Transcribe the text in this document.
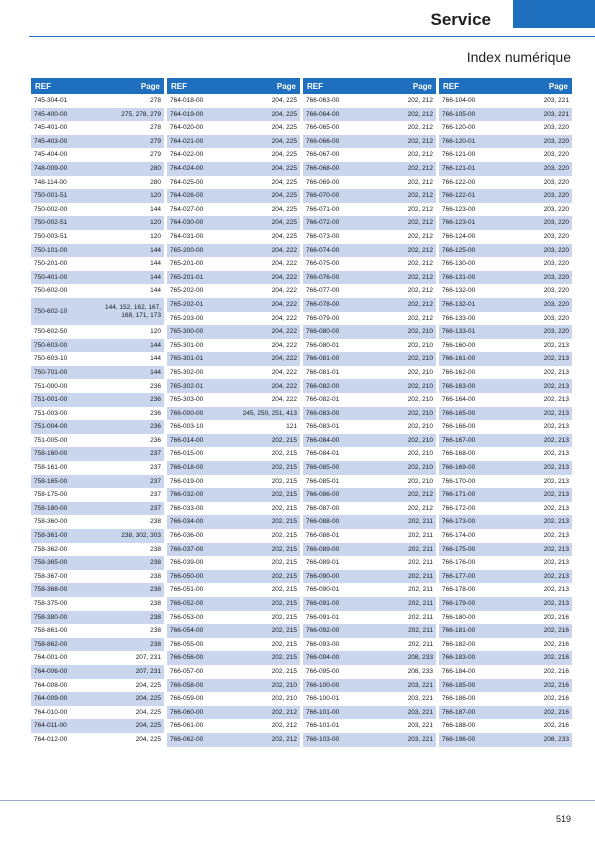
Service
Index numérique
REF	Page
745-304-01	278
745-400-00	275, 278, 279
745-401-00	278
745-403-00	279
745-404-00	279
748-009-00	280
748-114-00	280
750-001-51	120
750-002-00	144
750-002-51	120
750-003-51	120
750-101-00	144
750-201-00	144
750-401-00	144
750-602-00	144
750-602-10	144, 152, 162, 167, 168, 171, 173
750-602-50	120
750-603-00	144
750-603-10	144
750-701-00	144
751-000-00	236
751-001-00	236
751-003-00	236
751-004-00	236
751-005-00	236
758-160-00	237
758-161-00	237
758-165-00	237
758-175-00	237
758-180-00	237
758-360-00	238
758-361-00	238, 302, 303
758-362-00	238
758-365-00	238
758-367-00	238
758-368-00	238
758-375-00	238
758-380-00	238
758-861-00	238
758-862-00	238
764-001-00	207, 231
764-006-00	207, 231
764-008-00	204, 225
764-009-00	204, 225
764-010-00	204, 225
764-011-00	204, 225
764-012-00	204, 225
REF	Page
764-018-00	204, 225
764-019-00	204, 225
764-020-00	204, 225
764-021-00	204, 225
764-022-00	204, 225
764-024-00	204, 225
764-025-00	204, 225
764-026-00	204, 225
764-027-00	204, 225
764-030-00	204, 225
764-031-00	204, 225
765-200-00	204, 222
765-201-00	204, 222
765-201-01	204, 222
765-202-00	204, 222
765-202-01	204, 222
765-203-00	204, 222
765-300-00	204, 222
765-301-00	204, 222
765-301-01	204, 222
765-302-00	204, 222
765-302-01	204, 222
765-303-00	204, 222
766-000-00	245, 250, 251, 413
766-003-10	121
766-014-00	202, 215
766-015-00	202, 215
766-018-00	202, 215
766-019-00	202, 215
766-032-00	202, 215
766-033-00	202, 215
766-034-00	202, 215
766-036-00	202, 215
766-037-00	202, 215
766-039-00	202, 215
766-050-00	202, 215
766-051-00	202, 215
766-052-00	202, 215
766-053-00	202, 215
766-054-00	202, 215
766-055-00	202, 215
766-056-00	202, 215
766-057-00	202, 215
766-058-00	202, 210
766-059-00	202, 210
766-060-00	202, 212
766-061-00	202, 212
766-062-00	202, 212
REF	Page
766-063-00	202, 212
766-064-00	202, 212
766-065-00	202, 212
766-066-00	202, 212
766-067-00	202, 212
766-068-00	202, 212
766-069-00	202, 212
766-070-00	202, 212
766-071-00	202, 212
766-072-00	202, 212
766-073-00	202, 212
766-074-00	202, 212
766-075-00	202, 212
766-076-00	202, 212
766-077-00	202, 212
766-078-00	202, 212
766-079-00	202, 212
766-080-00	202, 210
766-080-01	202, 210
766-081-00	202, 210
766-081-01	202, 210
766-082-00	202, 210
766-082-01	202, 210
766-083-00	202, 210
766-083-01	202, 210
766-084-00	202, 210
766-084-01	202, 210
766-085-00	202, 210
766-085-01	202, 210
766-086-00	202, 212
766-087-00	202, 212
766-088-00	202, 211
766-088-01	202, 211
766-089-00	202, 211
766-089-01	202, 211
766-090-00	202, 211
766-090-01	202, 211
766-091-00	202, 211
766-091-01	202, 211
766-092-00	202, 211
766-093-00	202, 211
766-094-00	208, 233
766-095-00	208, 233
766-100-00	203, 221
766-100-01	203, 221
766-101-00	203, 221
766-101-01	203, 221
766-103-00	203, 221
REF	Page
766-104-00	203, 221
766-105-00	203, 221
766-120-00	203, 220
766-120-01	203, 220
766-121-00	203, 220
766-121-01	203, 220
766-122-00	203, 220
766-122-01	203, 220
766-123-00	203, 220
766-123-01	203, 220
766-124-00	203, 220
766-125-00	203, 220
766-130-00	203, 220
766-131-00	203, 220
766-132-00	203, 220
766-132-01	203, 220
766-133-00	203, 220
766-133-01	203, 220
766-160-00	202, 213
766-161-00	202, 213
766-162-00	202, 213
766-163-00	202, 213
766-164-00	202, 213
766-165-00	202, 213
766-166-00	202, 213
766-167-00	202, 213
766-168-00	202, 213
766-169-00	202, 213
766-170-00	202, 213
766-171-00	202, 213
766-172-00	202, 213
766-173-00	202, 213
766-174-00	202, 213
766-175-00	202, 213
766-176-00	202, 213
766-177-00	202, 213
766-178-00	202, 213
766-179-00	202, 213
766-180-00	202, 216
766-181-00	202, 216
766-182-00	202, 216
766-183-00	202, 216
766-184-00	202, 216
766-185-00	202, 216
766-186-00	202, 216
766-187-00	202, 216
766-188-00	202, 216
766-196-00	208, 233
519
